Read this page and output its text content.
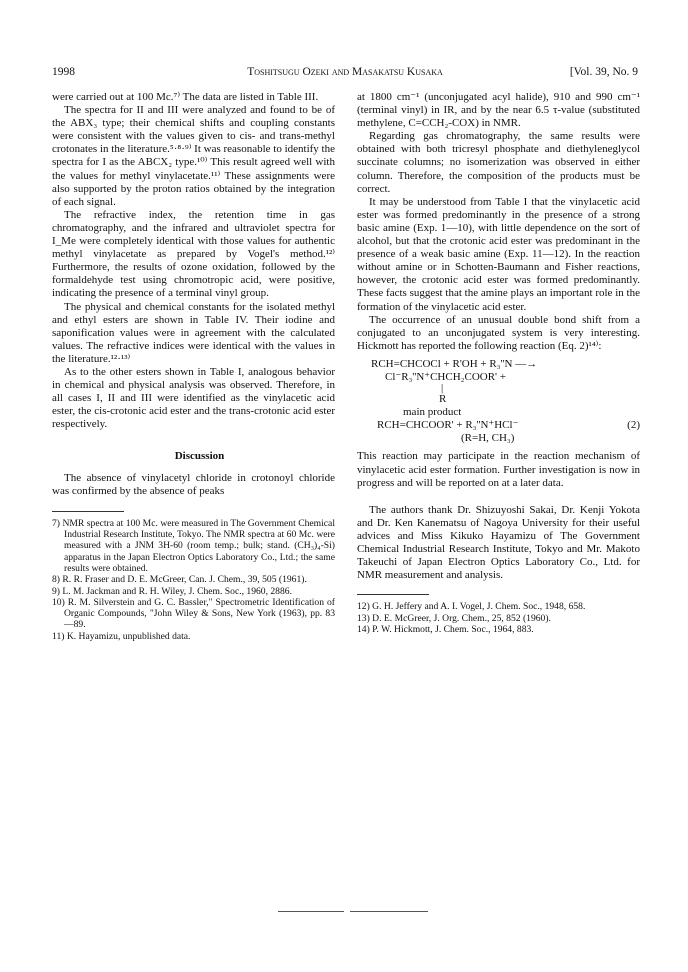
1998	Toshitsugu Ozeki and Masakatsu Kusaka	[Vol. 39, No. 9

were carried out at 100 Mc.⁷⁾ The data are listed in Table III.

The spectra for II and III were analyzed and found to be of the ABX₃ type; their chemical shifts and coupling constants were consistent with the values given to cis- and trans-methyl crotonates in the literature.⁵·⁸·⁹⁾ It was reasonable to identify the spectra for I as the ABCX₂ type.¹⁰⁾ This result agreed well with the values for methyl vinylacetate.¹¹⁾ These assignments were also supported by the proton ratios obtained by the integration of each signal.

The refractive index, the retention time in gas chromatography, and the infrared and ultraviolet spectra for I_Me were completely identical with those values for authentic methyl vinylacetate as prepared by Vogel's method.¹²⁾ Furthermore, the results of ozone oxidation, followed by the formaldehyde test using chromotropic acid, were positive, indicating the presence of a terminal vinyl group.

The physical and chemical constants for the isolated methyl and ethyl esters are shown in Table IV. Their iodine and saponification values were in agreement with the calculated values. The refractive indices were identical with the values in the literature.¹²·¹³⁾

As to the other esters shown in Table I, analogous behavior in chemical and physical analysis was observed. Therefore, in all cases I, II and III were identified as the vinylacetic acid ester, the cis-crotonic acid ester and the trans-crotonic acid ester respectively.

Discussion

The absence of vinylacetyl chloride in crotonoyl chloride was confirmed by the absence of peaks

7) NMR spectra at 100 Mc. were measured in The Government Chemical Industrial Research Institute, Tokyo. The NMR spectra at 60 Mc. were measured with a JNM 3H-60 (room temp.; bulk; stand. (CH₃)₄-Si) apparatus in the Japan Electron Optics Laboratory Co., Ltd.; the same results were obtained.
8) R. R. Fraser and D. E. McGreer, Can. J. Chem., 39, 505 (1961).
9) L. M. Jackman and R. H. Wiley, J. Chem. Soc., 1960, 2886.
10) R. M. Silverstein and G. C. Bassler," Spectrometric Identification of Organic Compounds, "John Wiley & Sons, New York (1963), pp. 83—89.
11) K. Hayamizu, unpublished data.

at 1800 cm⁻¹ (unconjugated acyl halide), 910 and 990 cm⁻¹ (terminal vinyl) in IR, and by the near 6.5 τ-value (substituted methylene, C=CCH₂-COX) in NMR.

Regarding gas chromatography, the same results were obtained with both tricresyl phosphate and diethyleneglycol succinate columns; no isomerization was observed in either column. Therefore, the composition of the products must be correct.

It may be understood from Table I that the vinylacetic acid ester was formed predominantly in the presence of a strong basic amine (Exp. 1—10), with little dependence on the sort of alcohol, but that the crotonic acid ester was predominant in the presence of a weak basic amine (Exp. 11—12). In the reaction without amine or in Schotten-Baumann and Fisher reactions, however, the crotonic acid ester was formed predominantly. These facts suggest that the amine plays an important role in the formation of the vinylacetic acid ester.

The occurrence of an unusual double bond shift from a conjugated to an unconjugated system is very interesting. Hickmott has reported the following reaction (Eq. 2)¹⁴⁾:

RCH=CHCOCl + R'OH + R₃''N —→
Cl⁻R₃''N⁺CHCH₂COOR' +
|
R
main product
RCH=CHCOOR' + R₃''N⁺HCl⁻	(2)
(R=H, CH₃)

This reaction may participate in the reaction mechanism of vinylacetic acid ester formation. Further investigation is now in progress and will be reported on at a later data.

The authors thank Dr. Shizuyoshi Sakai, Dr. Kenji Yokota and Dr. Ken Kanematsu of Nagoya University for their useful advices and Miss Kikuko Hayamizu of The Government Chemical Industrial Research Institute, Tokyo and Mr. Makoto Takeuchi of Japan Electron Optics Laboratory Co., Ltd. for NMR measurement and analysis.

12) G. H. Jeffery and A. I. Vogel, J. Chem. Soc., 1948, 658.
13) D. E. McGreer, J. Org. Chem., 25, 852 (1960).
14) P. W. Hickmott, J. Chem. Soc., 1964, 883.
